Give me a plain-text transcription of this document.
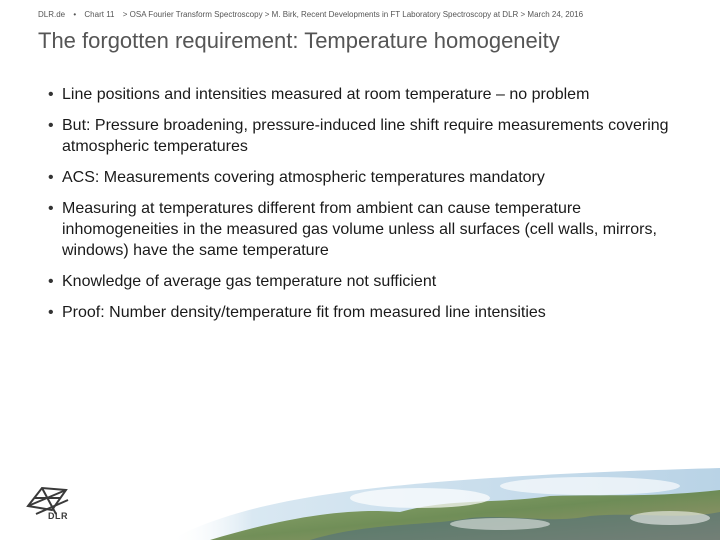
DLR.de • Chart 11 > OSA Fourier Transform Spectroscopy > M. Birk, Recent Developments in FT Laboratory Spectroscopy at DLR > March 24, 2016
The forgotten requirement: Temperature homogeneity
• Line positions and intensities measured at room temperature – no problem
• But: Pressure broadening, pressure-induced line shift require measurements covering atmospheric temperatures
• ACS: Measurements covering atmospheric temperatures mandatory
• Measuring at temperatures different from ambient can cause temperature inhomogeneities in the measured gas volume unless all surfaces (cell walls, mirrors, windows) have the same temperature
• Knowledge of average gas temperature not sufficient
• Proof: Number density/temperature fit from measured line intensities
DLR
